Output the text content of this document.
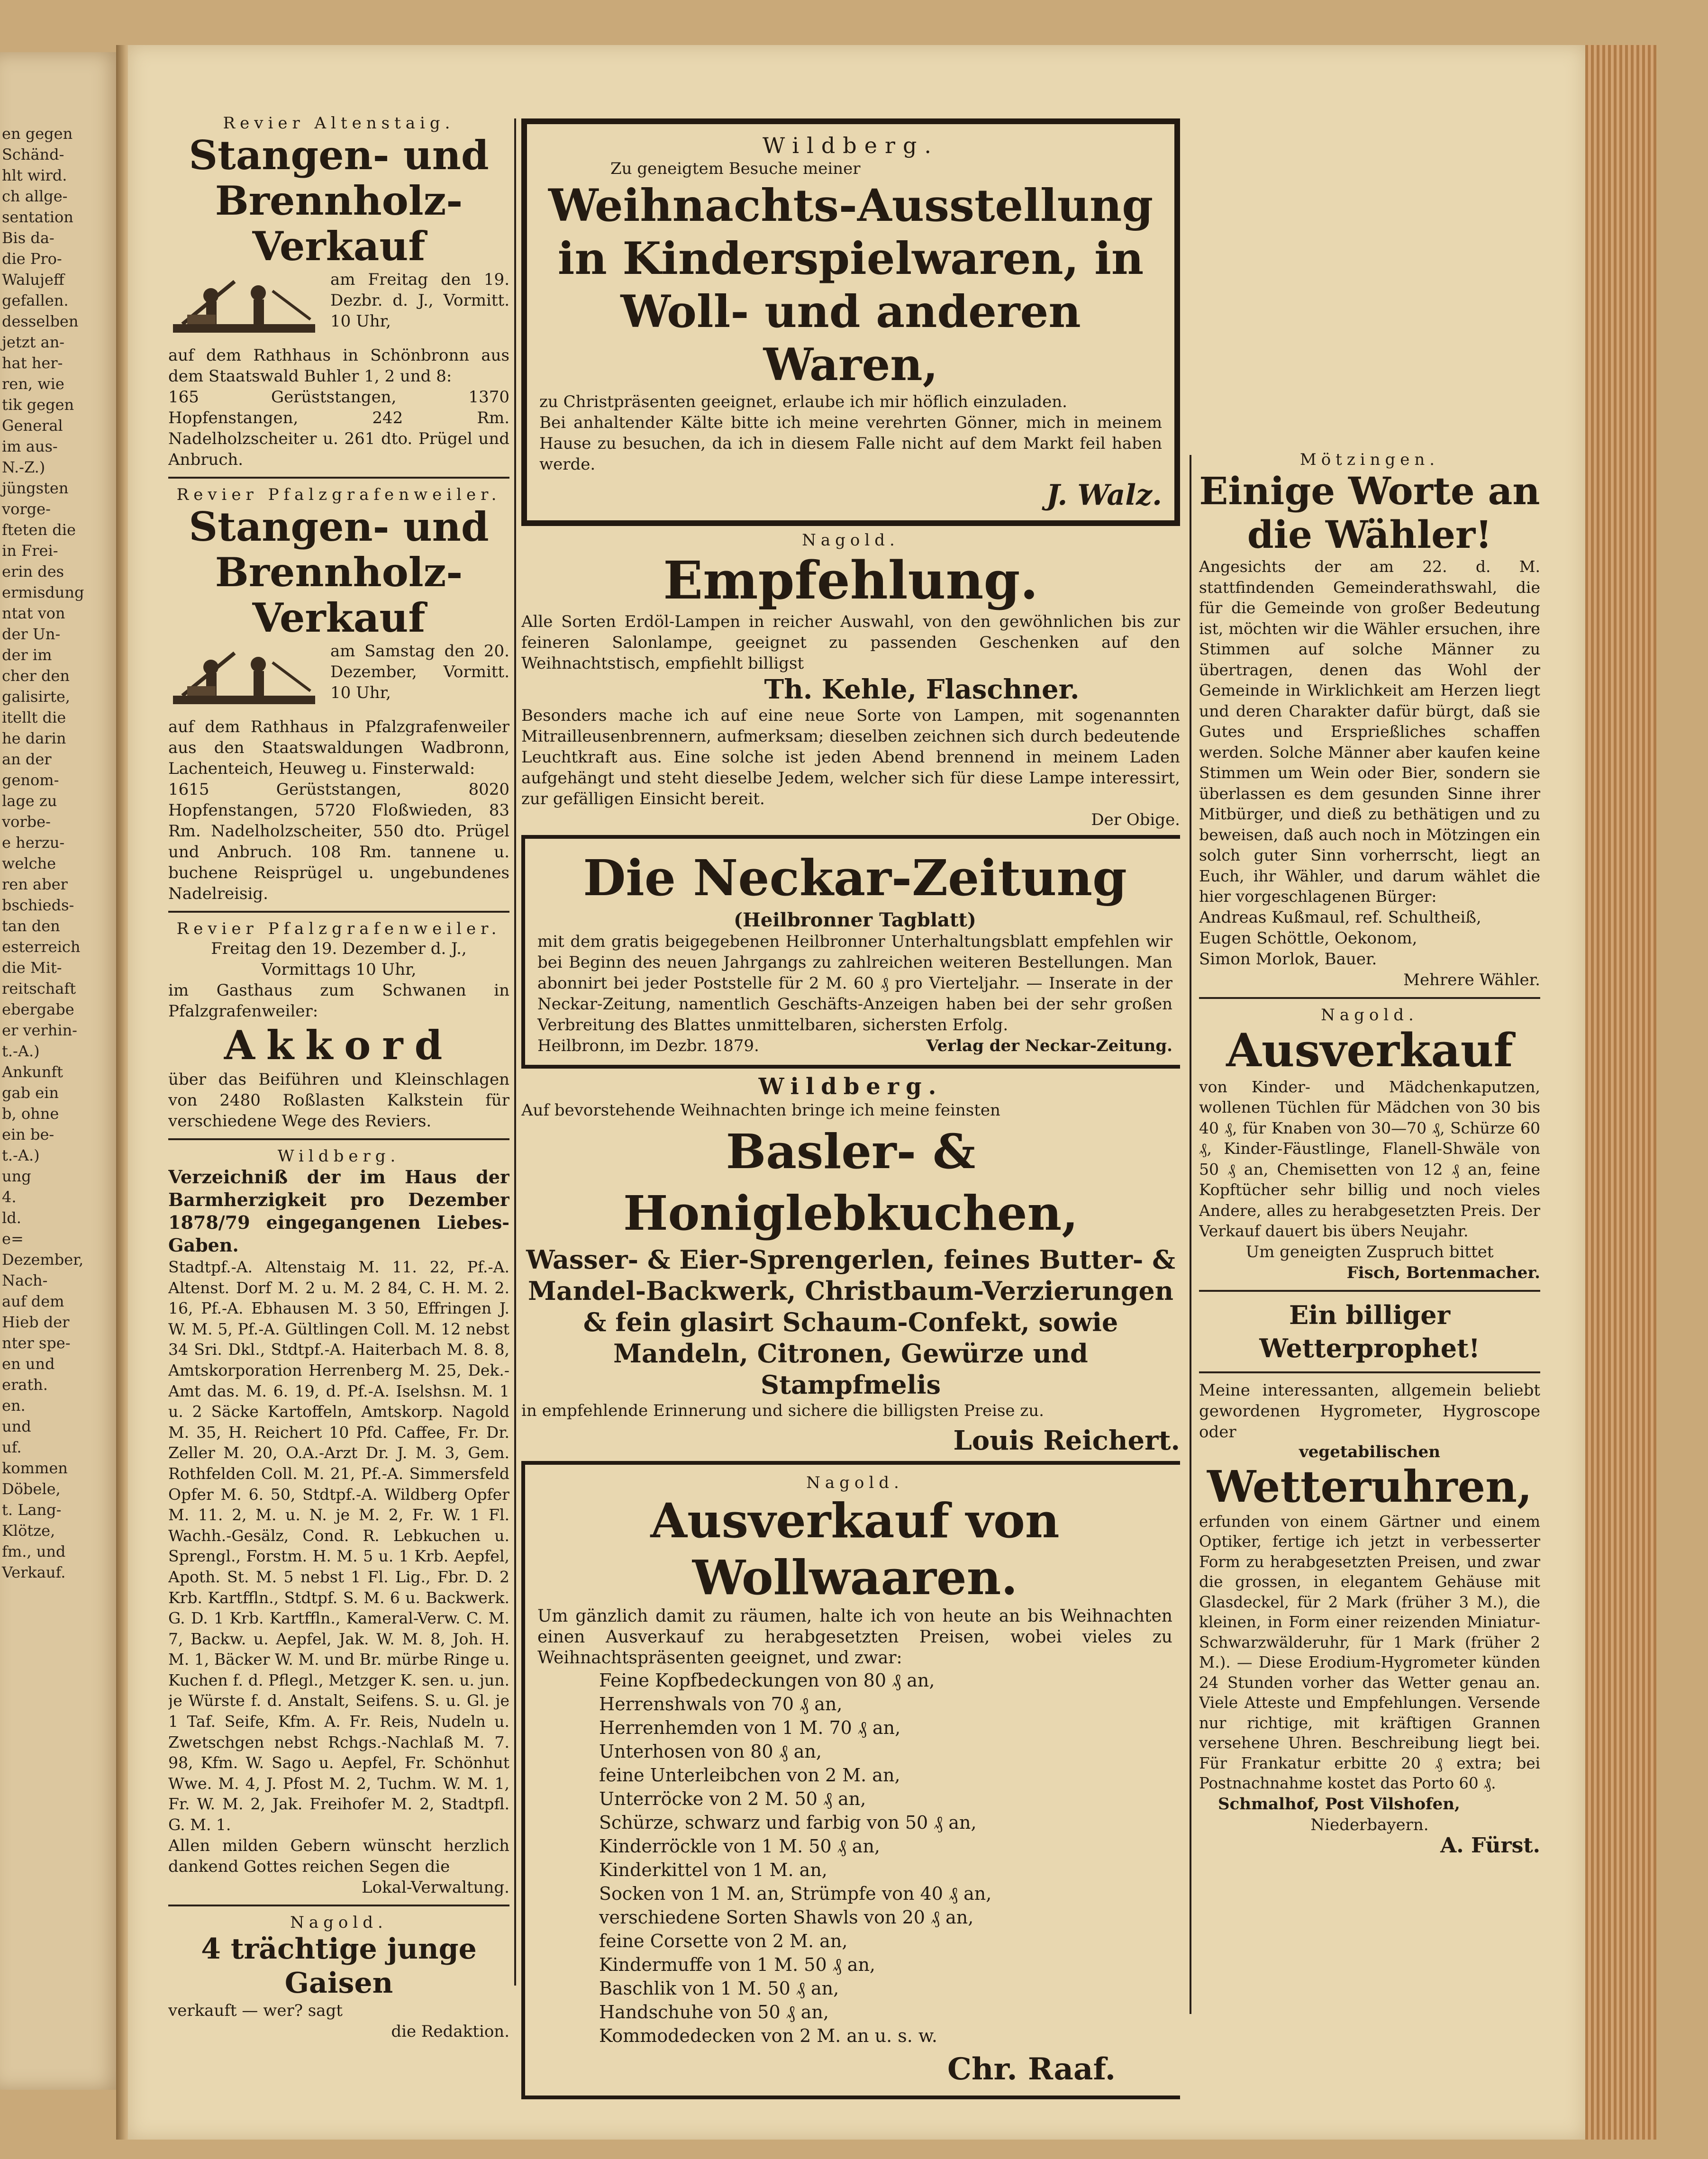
en gegen
Schänd-
hlt wird.
ch allge-
sentation
Bis da-
die Pro-
Walujeff
gefallen.
desselben
jetzt an-
hat her-
ren, wie
tik gegen
General
im aus-
N.-Z.)
jüngsten
vorge-
fteten die
in Frei-
erin des
ermisdung
ntat von
der Un-
der im
cher den
galisirte,
itellt die
he darin
an der
genom-
lage zu
vorbe-
e herzu-
welche
ren aber
bschieds-
tan den
esterreich
die Mit-
reitschaft
ebergabe
er verhin-
t.-A.)
Ankunft
gab ein
b, ohne
ein be-
t.-A.)
ung
4.
ld.
e=
Dezember,
Nach-
auf dem
Hieb der
nter spe-
en und
erath.
en.
und
uf.
kommen
Döbele,
t. Lang-
Klötze,
fm., und
Verkauf.
Revier Altenstaig.
Stangen- und Brennholz-Verkauf
am Freitag den 19. Dezbr. d. J., Vormitt. 10 Uhr,
auf dem Rathhaus in Schönbronn aus dem Staatswald Buhler 1, 2 und 8:
165 Gerüststangen, 1370 Hopfenstangen, 242 Rm. Nadelholzscheiter u. 261 dto. Prügel und Anbruch.
Revier Pfalzgrafenweiler.
Stangen- und Brennholz-Verkauf
am Samstag den 20. Dezember, Vormitt. 10 Uhr,
auf dem Rathhaus in Pfalzgrafenweiler aus den Staatswaldungen Wadbronn, Lachenteich, Heuweg u. Finsterwald:
1615 Gerüststangen, 8020 Hopfenstangen, 5720 Floßwieden, 83 Rm. Nadelholzscheiter, 550 dto. Prügel und Anbruch. 108 Rm. tannene u. buchene Reisprügel u. ungebundenes Nadelreisig.
Revier Pfalzgrafenweiler.
Freitag den 19. Dezember d. J., Vormittags 10 Uhr,
im Gasthaus zum Schwanen in Pfalzgrafenweiler:
Akkord
über das Beiführen und Kleinschlagen von 2480 Roßlasten Kalkstein für verschiedene Wege des Reviers.
Wildberg.
Verzeichniß der im Haus der Barmherzigkeit pro Dezember 1878/79 eingegangenen Liebes-Gaben.
Stadtpf.-A. Altenstaig M. 11. 22, Pf.-A. Altenst. Dorf M. 2 u. M. 2 84, C. H. M. 2. 16, Pf.-A. Ebhausen M. 3 50, Effringen J. W. M. 5, Pf.-A. Gültlingen Coll. M. 12 nebst 34 Sri. Dkl., Stdtpf.-A. Haiterbach M. 8. 8, Amtskorporation Herrenberg M. 25, Dek.-Amt das. M. 6. 19, d. Pf.-A. Iselshsn. M. 1 u. 2 Säcke Kartoffeln, Amtskorp. Nagold M. 35, H. Reichert 10 Pfd. Caffee, Fr. Dr. Zeller M. 20, O.A.-Arzt Dr. J. M. 3, Gem. Rothfelden Coll. M. 21, Pf.-A. Simmersfeld Opfer M. 6. 50, Stdtpf.-A. Wildberg Opfer M. 11. 2, M. u. N. je M. 2, Fr. W. 1 Fl. Wachh.-Gesälz, Cond. R. Lebkuchen u. Sprengl., Forstm. H. M. 5 u. 1 Krb. Aepfel, Apoth. St. M. 5 nebst 1 Fl. Lig., Fbr. D. 2 Krb. Kartffln., Stdtpf. S. M. 6 u. Backwerk. G. D. 1 Krb. Kartffln., Kameral-Verw. C. M. 7, Backw. u. Aepfel, Jak. W. M. 8, Joh. H. M. 1, Bäcker W. M. und Br. mürbe Ringe u. Kuchen f. d. Pflegl., Metzger K. sen. u. jun. je Würste f. d. Anstalt, Seifens. S. u. Gl. je 1 Taf. Seife, Kfm. A. Fr. Reis, Nudeln u. Zwetschgen nebst Rchgs.-Nachlaß M. 7. 98, Kfm. W. Sago u. Aepfel, Fr. Schönhut Wwe. M. 4, J. Pfost M. 2, Tuchm. W. M. 1, Fr. W. M. 2, Jak. Freihofer M. 2, Stadtpfl. G. M. 1.
Allen milden Gebern wünscht herzlich dankend Gottes reichen Segen die
Lokal-Verwaltung.
Nagold.
4 trächtige junge Gaisen
verkauft — wer? sagt
die Redaktion.
Wildberg.
Zu geneigtem Besuche meiner
Weihnachts-Ausstellung in Kinderspielwaren, in Woll- und anderen Waren,
zu Christpräsenten geeignet, erlaube ich mir höflich einzuladen.
Bei anhaltender Kälte bitte ich meine verehrten Gönner, mich in meinem Hause zu besuchen, da ich in diesem Falle nicht auf dem Markt feil haben werde.
J. Walz.
Nagold.
Empfehlung.
Alle Sorten Erdöl-Lampen in reicher Auswahl, von den gewöhnlichen bis zur feineren Salonlampe, geeignet zu passenden Geschenken auf den Weihnachtstisch, empfiehlt billigst
Th. Kehle, Flaschner.
Besonders mache ich auf eine neue Sorte von Lampen, mit sogenannten Mitrailleusenbrennern, aufmerksam; dieselben zeichnen sich durch bedeutende Leuchtkraft aus. Eine solche ist jeden Abend brennend in meinem Laden aufgehängt und steht dieselbe Jedem, welcher sich für diese Lampe interessirt, zur gefälligen Einsicht bereit.
Der Obige.
Die Neckar-Zeitung
(Heilbronner Tagblatt)
mit dem gratis beigegebenen Heilbronner Unterhaltungsblatt empfehlen wir bei Beginn des neuen Jahrgangs zu zahlreichen weiteren Bestellungen. Man abonnirt bei jeder Poststelle für 2 M. 60 ₰ pro Vierteljahr. — Inserate in der Neckar-Zeitung, namentlich Geschäfts-Anzeigen haben bei der sehr großen Verbreitung des Blattes unmittelbaren, sichersten Erfolg.
Heilbronn, im Dezbr. 1879.	Verlag der Neckar-Zeitung.
Wildberg.
Auf bevorstehende Weihnachten bringe ich meine feinsten
Basler- & Honiglebkuchen,
Wasser- & Eier-Sprengerlen, feines Butter- & Mandel-Backwerk, Christbaum-Verzierungen & fein glasirt Schaum-Confekt, sowie Mandeln, Citronen, Gewürze und Stampfmelis
in empfehlende Erinnerung und sichere die billigsten Preise zu.
Louis Reichert.
Nagold.
Ausverkauf von Wollwaaren.
Um gänzlich damit zu räumen, halte ich von heute an bis Weihnachten einen Ausverkauf zu herabgesetzten Preisen, wobei vieles zu Weihnachtspräsenten geeignet, und zwar:
Feine Kopfbedeckungen von 80 ₰ an,
Herrenshwals von 70 ₰ an,
Herrenhemden von 1 M. 70 ₰ an,
Unterhosen von 80 ₰ an,
feine Unterleibchen von 2 M. an,
Unterröcke von 2 M. 50 ₰ an,
Schürze, schwarz und farbig von 50 ₰ an,
Kinderröckle von 1 M. 50 ₰ an,
Kinderkittel von 1 M. an,
Socken von 1 M. an, Strümpfe von 40 ₰ an,
verschiedene Sorten Shawls von 20 ₰ an,
feine Corsette von 2 M. an,
Kindermuffe von 1 M. 50 ₰ an,
Baschlik von 1 M. 50 ₰ an,
Handschuhe von 50 ₰ an,
Kommodedecken von 2 M. an u. s. w.
Chr. Raaf.
Mötzingen.
Einige Worte an die Wähler!
Angesichts der am 22. d. M. stattfindenden Gemeinderathswahl, die für die Gemeinde von großer Bedeutung ist, möchten wir die Wähler ersuchen, ihre Stimmen auf solche Männer zu übertragen, denen das Wohl der Gemeinde in Wirklichkeit am Herzen liegt und deren Charakter dafür bürgt, daß sie Gutes und Ersprießliches schaffen werden. Solche Männer aber kaufen keine Stimmen um Wein oder Bier, sondern sie überlassen es dem gesunden Sinne ihrer Mitbürger, und dieß zu bethätigen und zu beweisen, daß auch noch in Mötzingen ein solch guter Sinn vorherrscht, liegt an Euch, ihr Wähler, und darum wählet die hier vorgeschlagenen Bürger:
Andreas Kußmaul, ref. Schultheiß,
Eugen Schöttle, Oekonom,
Simon Morlok, Bauer.
Mehrere Wähler.
Nagold.
Ausverkauf
von Kinder- und Mädchenkaputzen, wollenen Tüchlen für Mädchen von 30 bis 40 ₰, für Knaben von 30—70 ₰, Schürze 60 ₰, Kinder-Fäustlinge, Flanell-Shwäle von 50 ₰ an, Chemisetten von 12 ₰ an, feine Kopftücher sehr billig und noch vieles Andere, alles zu herabgesetzten Preis. Der Verkauf dauert bis übers Neujahr.
Um geneigten Zuspruch bittet
Fisch, Bortenmacher.
Ein billiger Wetterprophet!
Meine interessanten, allgemein beliebt gewordenen Hygrometer, Hygroscope oder
vegetabilischen
Wetteruhren,
erfunden von einem Gärtner und einem Optiker, fertige ich jetzt in verbesserter Form zu herabgesetzten Preisen, und zwar die grossen, in elegantem Gehäuse mit Glasdeckel, für 2 Mark (früher 3 M.), die kleinen, in Form einer reizenden Miniatur-Schwarzwälderuhr, für 1 Mark (früher 2 M.). — Diese Erodium-Hygrometer künden 24 Stunden vorher das Wetter genau an. Viele Atteste und Empfehlungen. Versende nur richtige, mit kräftigen Grannen versehene Uhren. Beschreibung liegt bei. Für Frankatur erbitte 20 ₰ extra; bei Postnachnahme kostet das Porto 60 ₰.
Schmalhof, Post Vilshofen,
Niederbayern.
A. Fürst.
